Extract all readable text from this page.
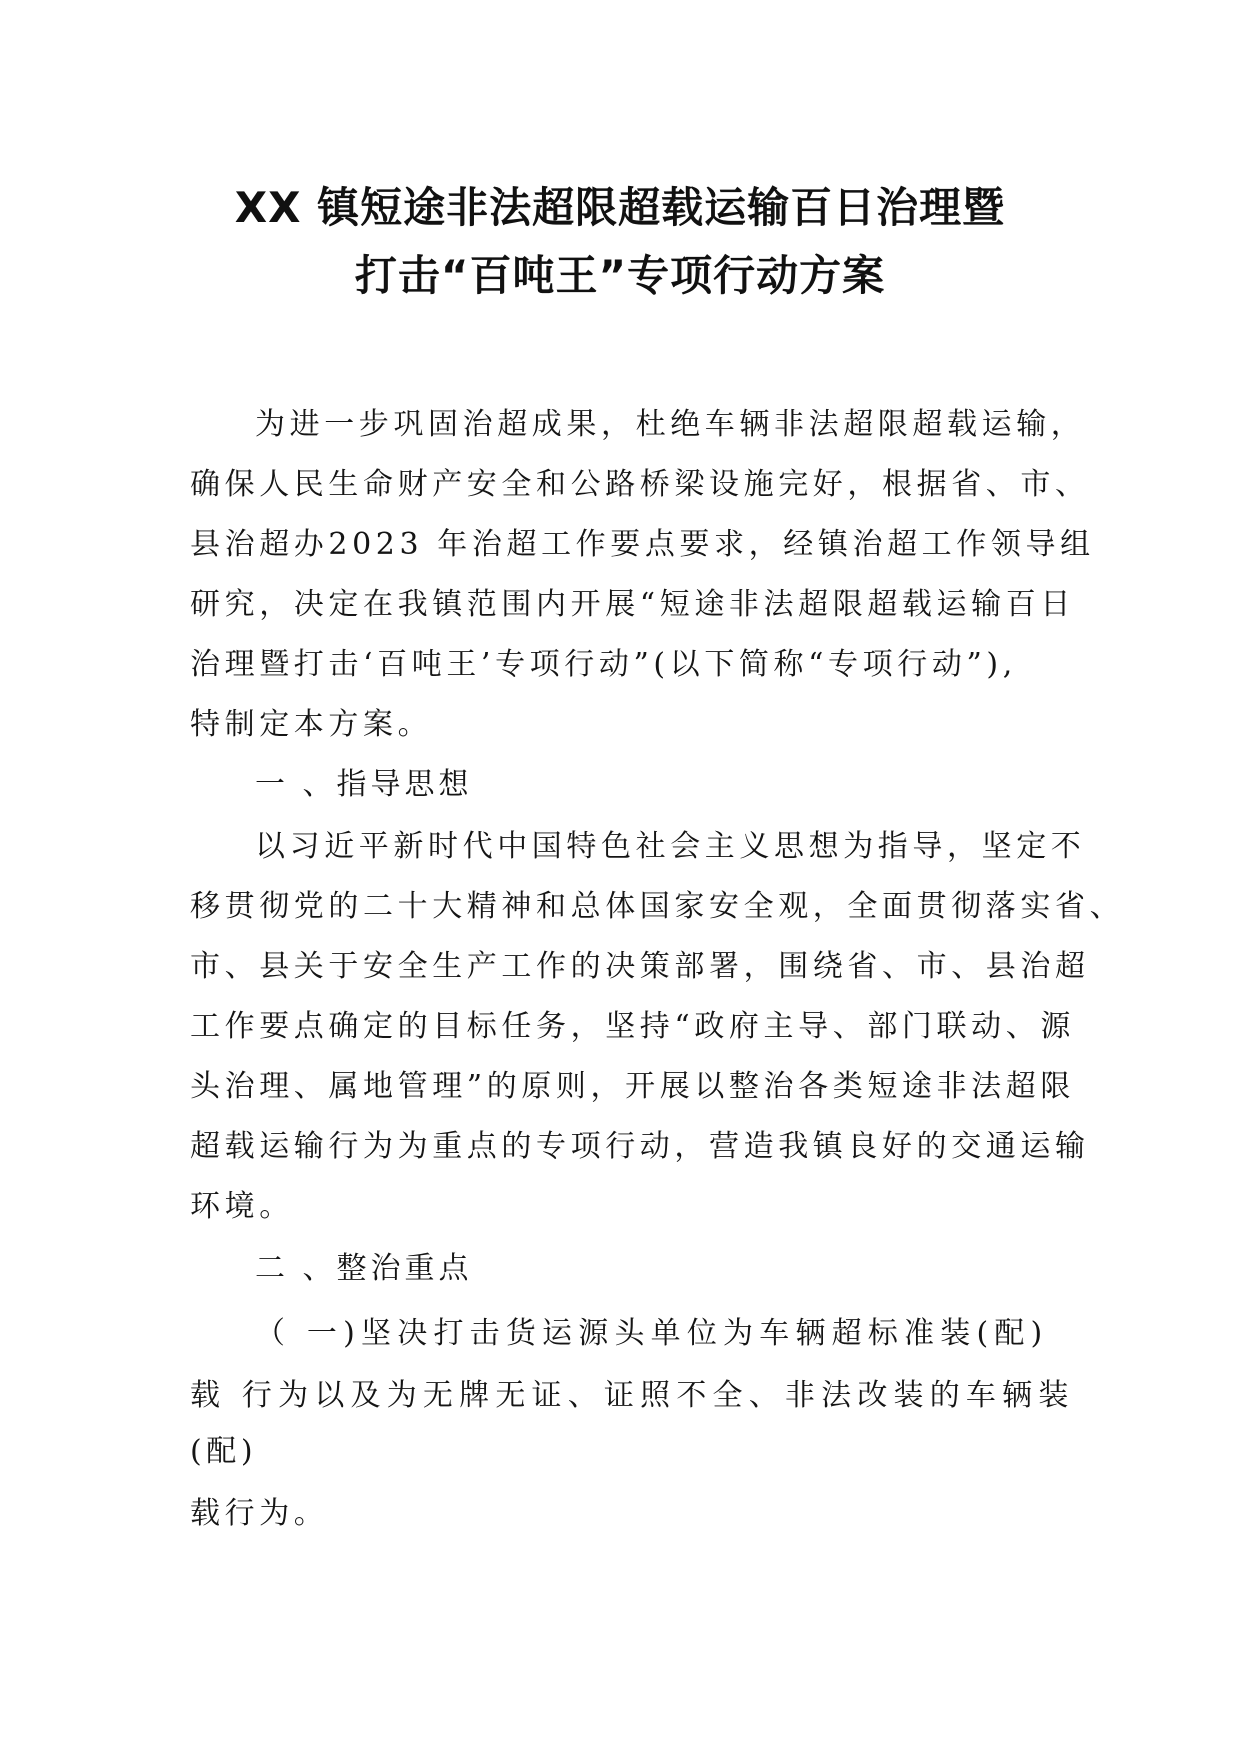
XX 镇短途非法超限超载运输百日治理暨
打击“百吨王”专项行动方案
为进一步巩固治超成果，杜绝车辆非法超限超载运输，
确保人民生命财产安全和公路桥梁设施完好，根据省、市、
县治超办2023 年治超工作要点要求，经镇治超工作领导组
研究，决定在我镇范围内开展“短途非法超限超载运输百日
治理暨打击‘百吨王’专项行动”(以下简称“专项行动”),
特制定本方案。
一 、指导思想
以习近平新时代中国特色社会主义思想为指导，坚定不
移贯彻党的二十大精神和总体国家安全观，全面贯彻落实省、
市、县关于安全生产工作的决策部署，围绕省、市、县治超
工作要点确定的目标任务，坚持“政府主导、部门联动、源
头治理、属地管理”的原则，开展以整治各类短途非法超限
超载运输行为为重点的专项行动，营造我镇良好的交通运输
环境。
二 、整治重点
（ 一)坚决打击货运源头单位为车辆超标准装(配)
载 行为以及为无牌无证、证照不全、非法改装的车辆装
(配)
载行为。
